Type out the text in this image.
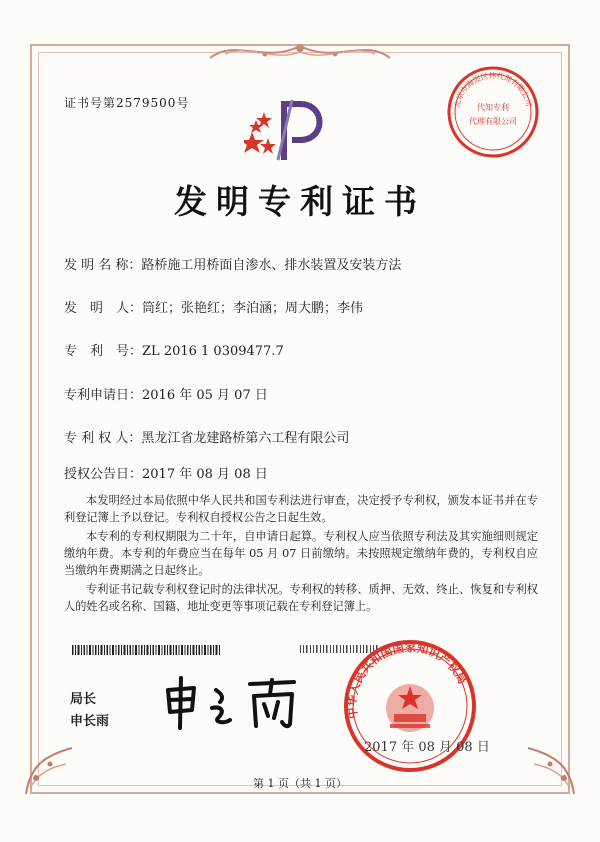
证书号第2579500号	北京市海淀区林代理有限公司
代知专利
代理有限公司
发明专利证书
发 明 名 称：路桥施工用桥面自渗水、排水装置及安装方法
发　明　人：筒红；张艳红；李泊涵；周大鹏；李伟
专　利　号：ZL 2016 1 0309477.7
专利申请日：2016 年 05 月 07 日
专 利 权 人：黑龙江省龙建路桥第六工程有限公司
授权公告日：2017 年 08 月 08 日

本发明经过本局依照中华人民共和国专利法进行审查，决定授予专利权，颁发本证书并在专利登记簿上予以登记。专利权自授权公告之日起生效。

本专利的专利权期限为二十年，自申请日起算。专利权人应当依照专利法及其实施细则规定缴纳年费。本专利的年费应当在每年 05 月 07 日前缴纳。未按照规定缴纳年费的，专利权自应当缴纳年费期满之日起终止。

专利证书记载专利权登记时的法律状况。专利权的转移、质押、无效、终止、恢复和专利权人的姓名或名称、国籍、地址变更等事项记载在专利登记簿上。

局长
申长雨	中华人民共和国国家知识产权局
2017 年 08 月 08 日
第 1 页（共 1 页）
